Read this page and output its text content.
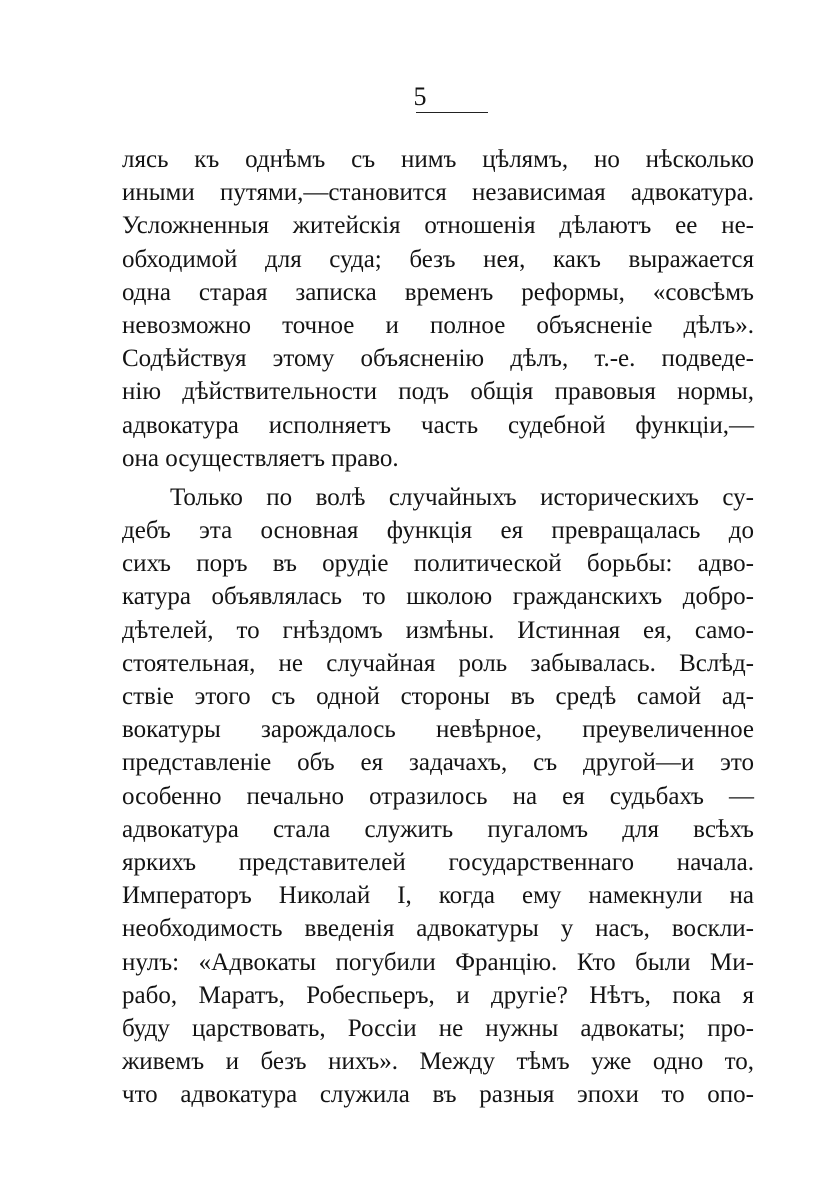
5
лясь къ однѣмъ съ нимъ цѣлямъ, но нѣсколько
иными путями,—становится независимая адвокатура.
Усложненныя житейскія отношенія дѣлаютъ ее не-
обходимой для суда; безъ нея, какъ выражается
одна старая записка временъ реформы, «совсѣмъ
невозможно точное и полное объясненіе дѣлъ».
Содѣйствуя этому объясненію дѣлъ, т.-е. подведе-
нію дѣйствительности подъ общія правовыя нормы,
адвокатура исполняетъ часть судебной функціи,—
она осуществляетъ право.
Только по волѣ случайныхъ историческихъ су-
дебъ эта основная функція ея превращалась до
сихъ поръ въ орудіе политической борьбы: адво-
катура объявлялась то школою гражданскихъ добро-
дѣтелей, то гнѣздомъ измѣны. Истинная ея, само-
стоятельная, не случайная роль забывалась. Вслѣд-
ствіе этого съ одной стороны въ средѣ самой ад-
вокатуры зарождалось невѣрное, преувеличенное
представленіе объ ея задачахъ, съ другой—и это
особенно печально отразилось на ея судьбахъ —
адвокатура стала служить пугаломъ для всѣхъ
яркихъ представителей государственнаго начала.
Императоръ Николай I, когда ему намекнули на
необходимость введенія адвокатуры у насъ, воскли-
нулъ: «Адвокаты погубили Францію. Кто были Ми-
рабо, Маратъ, Робеспьеръ, и другіе? Нѣтъ, пока я
буду царствовать, Россіи не нужны адвокаты; про-
живемъ и безъ нихъ». Между тѣмъ уже одно то,
что адвокатура служила въ разныя эпохи то опо-
